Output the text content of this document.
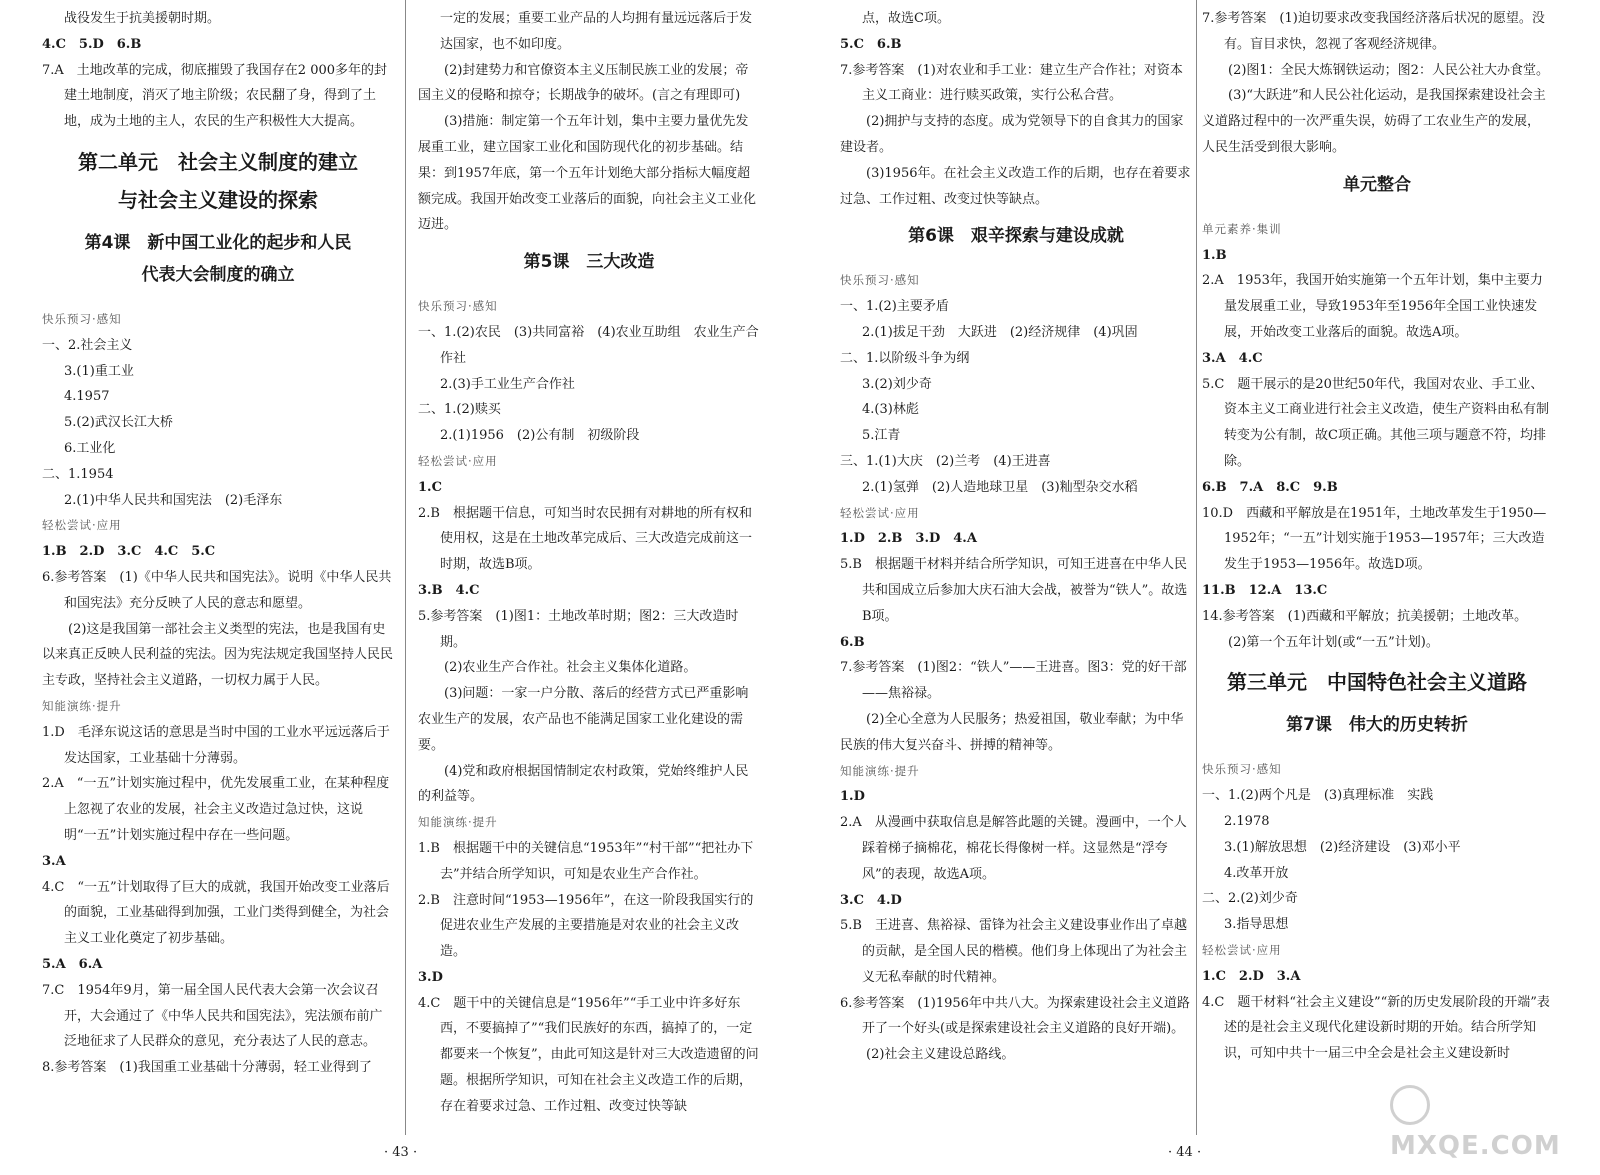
战役发生于抗美援朝时期。

4.C　5.D　6.B

7.A　土地改革的完成，彻底摧毁了我国存在2 000多年的封建土地制度，消灭了地主阶级；农民翻了身，得到了土地，成为土地的主人，农民的生产积极性大大提高。

第二单元　社会主义制度的建立
与社会主义建设的探索
第4课　新中国工业化的起步和人民
代表大会制度的确立

快乐预习·感知

一、2.社会主义

3.(1)重工业

4.1957

5.(2)武汉长江大桥

6.工业化

二、1.1954

2.(1)中华人民共和国宪法　(2)毛泽东

轻松尝试·应用

1.B　2.D　3.C　4.C　5.C

6.参考答案　(1)《中华人民共和国宪法》。说明《中华人民共和国宪法》充分反映了人民的意志和愿望。

(2)这是我国第一部社会主义类型的宪法，也是我国有史以来真正反映人民利益的宪法。因为宪法规定我国坚持人民民主专政，坚持社会主义道路，一切权力属于人民。

知能演练·提升

1.D　毛泽东说这话的意思是当时中国的工业水平远远落后于发达国家，工业基础十分薄弱。

2.A　“一五”计划实施过程中，优先发展重工业，在某种程度上忽视了农业的发展，社会主义改造过急过快，这说明“一五”计划实施过程中存在一些问题。

3.A

4.C　“一五”计划取得了巨大的成就，我国开始改变工业落后的面貌，工业基础得到加强，工业门类得到健全，为社会主义工业化奠定了初步基础。

5.A　6.A

7.C　1954年9月，第一届全国人民代表大会第一次会议召开，大会通过了《中华人民共和国宪法》，宪法颁布前广泛地征求了人民群众的意见，充分表达了人民的意志。

8.参考答案　(1)我国重工业基础十分薄弱，轻工业得到了

一定的发展；重要工业产品的人均拥有量远远落后于发达国家，也不如印度。

(2)封建势力和官僚资本主义压制民族工业的发展；帝国主义的侵略和掠夺；长期战争的破坏。(言之有理即可)

(3)措施：制定第一个五年计划，集中主要力量优先发展重工业，建立国家工业化和国防现代化的初步基础。结果：到1957年底，第一个五年计划绝大部分指标大幅度超额完成。我国开始改变工业落后的面貌，向社会主义工业化迈进。

第5课　三大改造

快乐预习·感知

一、1.(2)农民　(3)共同富裕　(4)农业互助组　农业生产合作社

2.(3)手工业生产合作社

二、1.(2)赎买

2.(1)1956　(2)公有制　初级阶段

轻松尝试·应用

1.C

2.B　根据题干信息，可知当时农民拥有对耕地的所有权和使用权，这是在土地改革完成后、三大改造完成前这一时期，故选B项。

3.B　4.C

5.参考答案　(1)图1：土地改革时期；图2：三大改造时期。

(2)农业生产合作社。社会主义集体化道路。

(3)问题：一家一户分散、落后的经营方式已严重影响农业生产的发展，农产品也不能满足国家工业化建设的需要。

(4)党和政府根据国情制定农村政策，党始终维护人民的利益等。

知能演练·提升

1.B　根据题干中的关键信息“1953年”“村干部”“把社办下去”并结合所学知识，可知是农业生产合作社。

2.B　注意时间“1953—1956年”，在这一阶段我国实行的促进农业生产发展的主要措施是对农业的社会主义改造。

3.D

4.C　题干中的关键信息是“1956年”“手工业中许多好东西，不要搞掉了”“我们民族好的东西，搞掉了的，一定都要来一个恢复”，由此可知这是针对三大改造遗留的问题。根据所学知识，可知在社会主义改造工作的后期，存在着要求过急、工作过粗、改变过快等缺

点，故选C项。

5.C　6.B

7.参考答案　(1)对农业和手工业：建立生产合作社；对资本主义工商业：进行赎买政策，实行公私合营。

(2)拥护与支持的态度。成为党领导下的自食其力的国家建设者。

(3)1956年。在社会主义改造工作的后期，也存在着要求过急、工作过粗、改变过快等缺点。

第6课　艰辛探索与建设成就

快乐预习·感知

一、1.(2)主要矛盾

2.(1)拔足干劲　大跃进　(2)经济规律　(4)巩固

二、1.以阶级斗争为纲

3.(2)刘少奇

4.(3)林彪

5.江青

三、1.(1)大庆　(2)兰考　(4)王进喜

2.(1)氢弹　(2)人造地球卫星　(3)籼型杂交水稻

轻松尝试·应用

1.D　2.B　3.D　4.A

5.B　根据题干材料并结合所学知识，可知王进喜在中华人民共和国成立后参加大庆石油大会战，被誉为“铁人”。故选B项。

6.B

7.参考答案　(1)图2：“铁人”——王进喜。图3：党的好干部——焦裕禄。

(2)全心全意为人民服务；热爱祖国，敬业奉献；为中华民族的伟大复兴奋斗、拼搏的精神等。

知能演练·提升

1.D

2.A　从漫画中获取信息是解答此题的关键。漫画中，一个人踩着梯子摘棉花，棉花长得像树一样。这显然是“浮夸风”的表现，故选A项。

3.C　4.D

5.B　王进喜、焦裕禄、雷锋为社会主义建设事业作出了卓越的贡献，是全国人民的楷模。他们身上体现出了为社会主义无私奉献的时代精神。

6.参考答案　(1)1956年中共八大。为探索建设社会主义道路开了一个好头(或是探索建设社会主义道路的良好开端)。

(2)社会主义建设总路线。

7.参考答案　(1)迫切要求改变我国经济落后状况的愿望。没有。盲目求快，忽视了客观经济规律。

(2)图1：全民大炼钢铁运动；图2：人民公社大办食堂。

(3)“大跃进”和人民公社化运动，是我国探索建设社会主义道路过程中的一次严重失误，妨碍了工农业生产的发展，人民生活受到很大影响。

单元整合

单元素养·集训

1.B

2.A　1953年，我国开始实施第一个五年计划，集中主要力量发展重工业，导致1953年至1956年全国工业快速发展，开始改变工业落后的面貌。故选A项。

3.A　4.C

5.C　题干展示的是20世纪50年代，我国对农业、手工业、资本主义工商业进行社会主义改造，使生产资料由私有制转变为公有制，故C项正确。其他三项与题意不符，均排除。

6.B　7.A　8.C　9.B

10.D　西藏和平解放是在1951年，土地改革发生于1950—1952年；“一五”计划实施于1953—1957年；三大改造发生于1953—1956年。故选D项。

11.B　12.A　13.C

14.参考答案　(1)西藏和平解放；抗美援朝；土地改革。

(2)第一个五年计划(或“一五”计划)。

第三单元　中国特色社会主义道路
第7课　伟大的历史转折

快乐预习·感知

一、1.(2)两个凡是　(3)真理标准　实践

2.1978

3.(1)解放思想　(2)经济建设　(3)邓小平

4.改革开放

二、2.(2)刘少奇

3.指导思想

轻松尝试·应用

1.C　2.D　3.A

4.C　题干材料“社会主义建设”“新的历史发展阶段的开端”表述的是社会主义现代化建设新时期的开始。结合所学知识，可知中共十一届三中全会是社会主义建设新时

· 43 ·	· 44 ·	MXQE.COM
